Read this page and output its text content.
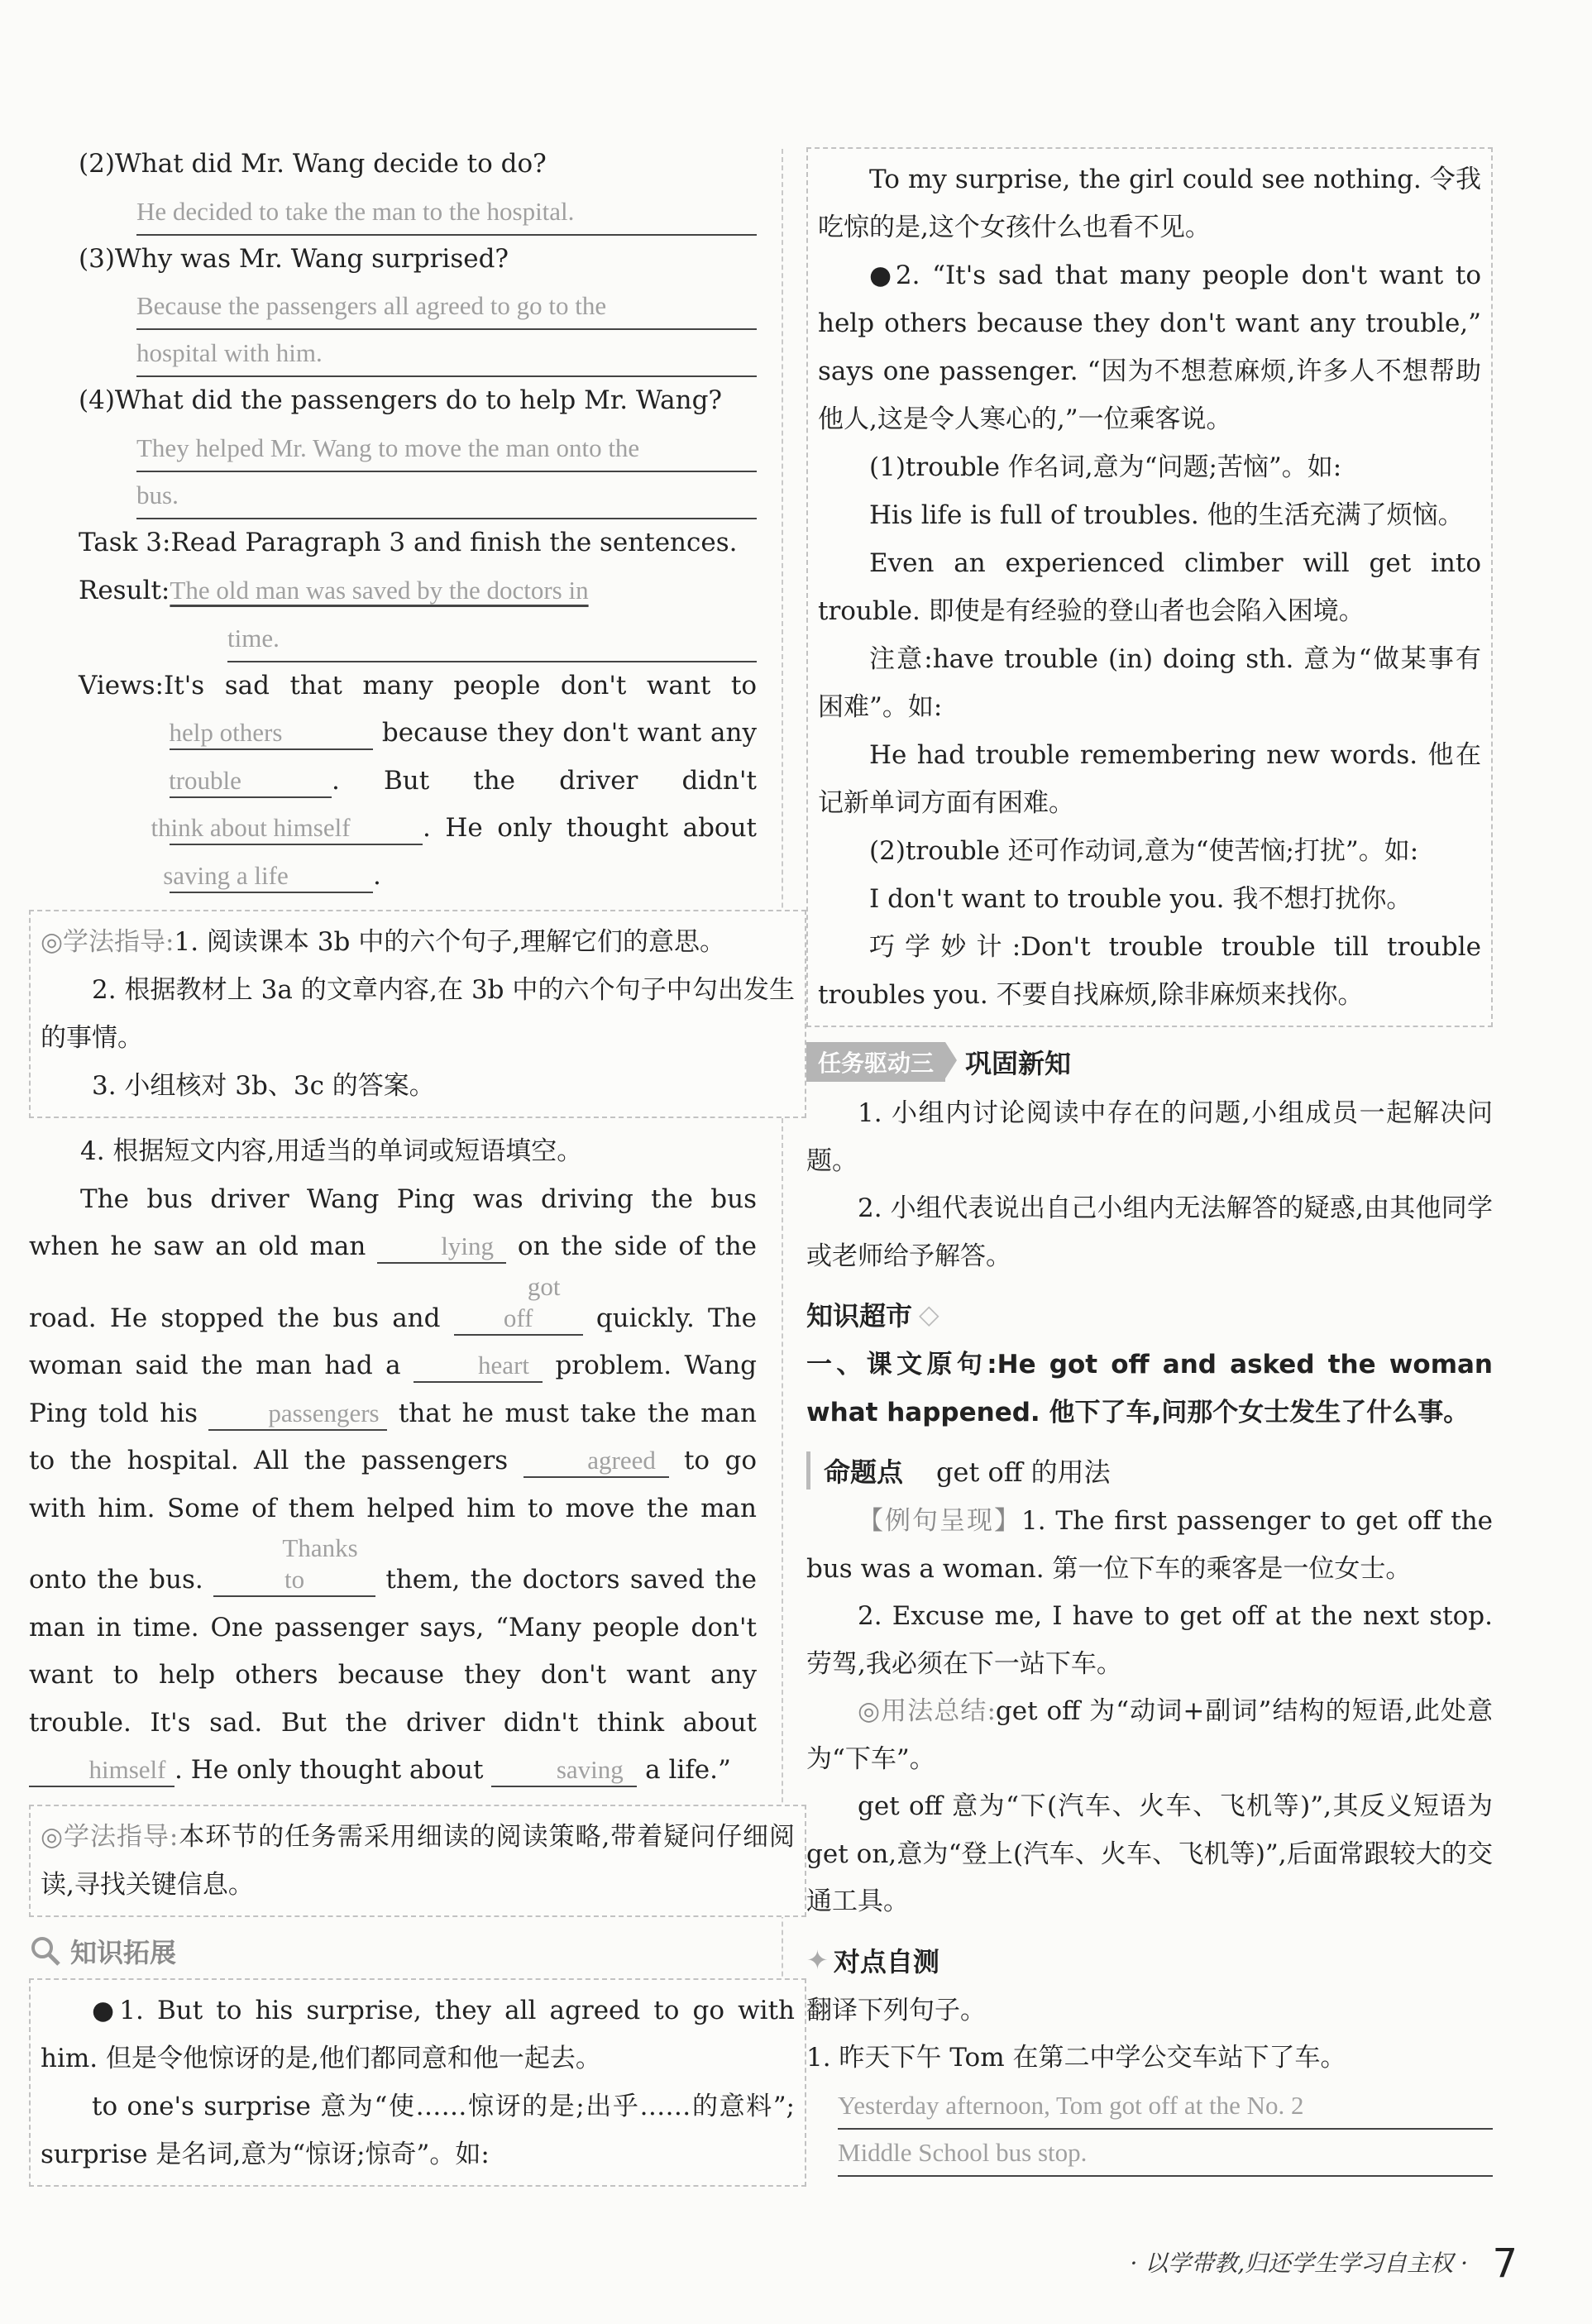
(2)What did Mr. Wang decide to do?

He decided to take the man to the hospital.

(3)Why was Mr. Wang surprised?

Because the passengers all agreed to go to the
hospital with him.

(4)What did the passengers do to help Mr. Wang?

They helped Mr. Wang to move the man onto the
bus.

Task 3:Read Paragraph 3 and finish the sentences.

Result:The old man was saved by the doctors in

time.

Views:It's sad that many people don't want to help others	because they don't want any trouble	. But the driver didn't think about himself	. He only thought about saving a life	.

◎学法指导:1. 阅读课本 3b 中的六个句子,理解它们的意思。

2. 根据教材上 3a 的文章内容,在 3b 中的六个句子中勾出发生的事情。

3. 小组核对 3b、3c 的答案。

4. 根据短文内容,用适当的单词或短语填空。

The bus driver Wang Ping was driving the bus when he saw an old man	lying on the side of the road. He stopped the bus and got off quickly. The woman said the man had a	heart problem. Wang Ping told his	passengers that he must take the man to the hospital. All the passengers	agreed to go with him. Some of them helped him to move the man onto the bus. Thanks to	them, the doctors saved the man in time. One passenger says, “Many people don't want to help others because they don't want any trouble. It's sad. But the driver didn't think about himself . He only thought about	saving a life.”

◎学法指导:本环节的任务需采用细读的阅读策略,带着疑问仔细阅读,寻找关键信息。

知识拓展

●1. But to his surprise, they all agreed to go with him. 但是令他惊讶的是,他们都同意和他一起去。

to one's surprise 意为“使……惊讶的是;出乎……的意料”; surprise 是名词,意为“惊讶;惊奇”。如:

To my surprise, the girl could see nothing. 令我吃惊的是,这个女孩什么也看不见。

●2. “It's sad that many people don't want to help others because they don't want any trouble,” says one passenger. “因为不想惹麻烦,许多人不想帮助他人,这是令人寒心的,”一位乘客说。

(1)trouble 作名词,意为“问题;苦恼”。如:

His life is full of troubles. 他的生活充满了烦恼。

Even an experienced climber will get into trouble. 即使是有经验的登山者也会陷入困境。

注意:have trouble (in) doing sth. 意为“做某事有困难”。如:

He had trouble remembering new words. 他在记新单词方面有困难。

(2)trouble 还可作动词,意为“使苦恼;打扰”。如:

I don't want to trouble you. 我不想打扰你。

巧学妙计:Don't trouble trouble till trouble troubles you. 不要自找麻烦,除非麻烦来找你。

任务驱动三	巩固新知

1. 小组内讨论阅读中存在的问题,小组成员一起解决问题。

2. 小组代表说出自己小组内无法解答的疑惑,由其他同学或老师给予解答。

知识超市 ◇

一、课文原句:He got off and asked the woman what happened. 他下了车,问那个女士发生了什么事。

命题点 get off 的用法

【例句呈现】1. The first passenger to get off the bus was a woman. 第一位下车的乘客是一位女士。

2. Excuse me, I have to get off at the next stop. 劳驾,我必须在下一站下车。

◎用法总结:get off 为“动词+副词”结构的短语,此处意为“下车”。

get off 意为“下(汽车、火车、飞机等)”,其反义短语为 get on,意为“登上(汽车、火车、飞机等)”,后面常跟较大的交通工具。

✦ 对点自测

翻译下列句子。

1. 昨天下午 Tom 在第二中学公交车站下了车。

Yesterday afternoon, Tom got off at the No. 2
Middle School bus stop.
· 以学带教,归还学生学习自主权 · 7
